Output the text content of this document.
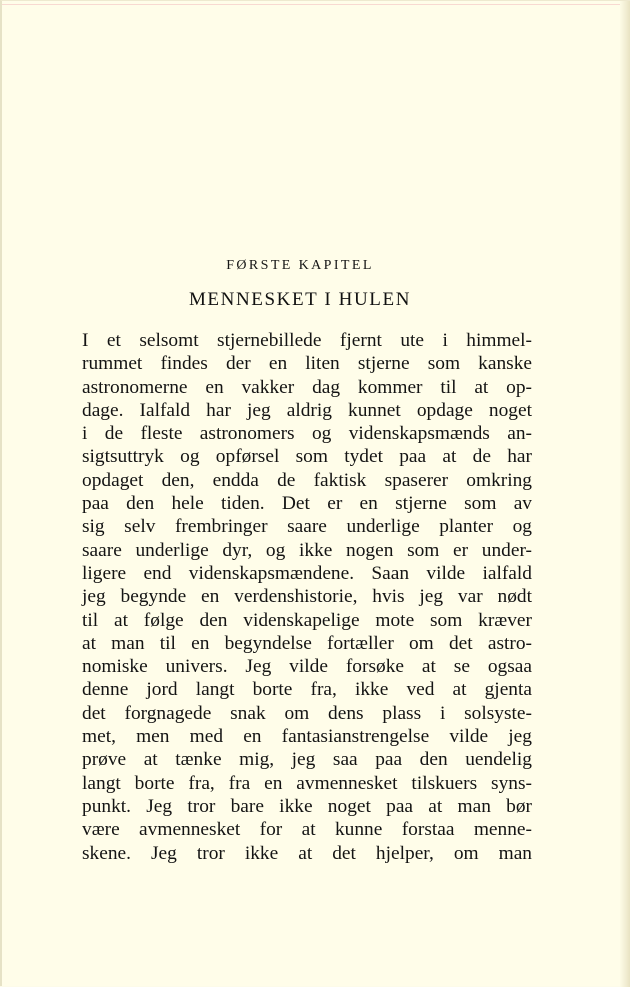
FØRSTE KAPITEL
MENNESKET I HULEN
I et selsomt stjernebillede fjernt ute i himmel-
rummet findes der en liten stjerne som kanske
astronomerne en vakker dag kommer til at op-
dage. Ialfald har jeg aldrig kunnet opdage noget
i de fleste astronomers og videnskapsmænds an-
sigtsuttryk og opførsel som tydet paa at de har
opdaget den, endda de faktisk spaserer omkring
paa den hele tiden. Det er en stjerne som av
sig selv frembringer saare underlige planter og
saare underlige dyr, og ikke nogen som er under-
ligere end videnskapsmændene. Saan vilde ialfald
jeg begynde en verdenshistorie, hvis jeg var nødt
til at følge den videnskapelige mote som kræver
at man til en begyndelse fortæller om det astro-
nomiske univers. Jeg vilde forsøke at se ogsaa
denne jord langt borte fra, ikke ved at gjenta
det forgnagede snak om dens plass i solsyste-
met, men med en fantasianstrengelse vilde jeg
prøve at tænke mig, jeg saa paa den uendelig
langt borte fra, fra en avmennesket tilskuers syns-
punkt. Jeg tror bare ikke noget paa at man bør
være avmennesket for at kunne forstaa menne-
skene. Jeg tror ikke at det hjelper, om man
